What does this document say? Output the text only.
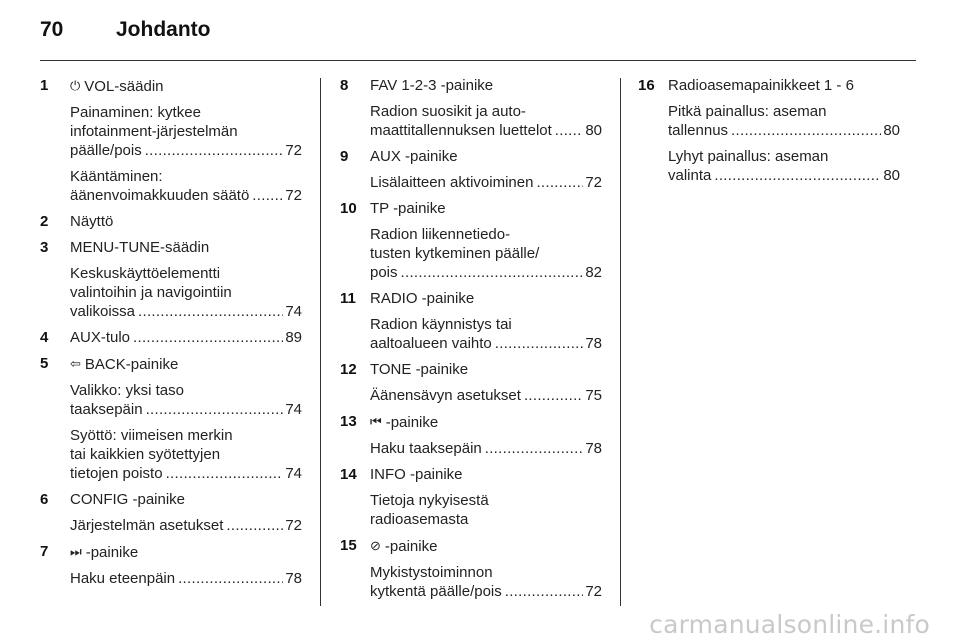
70	Johdanto
1	⏻ VOL-säädin
Painaminen: kytkee
infotainment-järjestelmän
päälle/pois .....	72
Kääntäminen:
äänenvoimakkuuden säätö ..... 72
2	Näyttö
3	MENU-TUNE-säädin
Keskuskäyttöelementti
valintoihin ja navigointiin
valikoissa .....	74
4 AUX-tulo .....	89
5	⇦ BACK-painike
Valikko: yksi taso
taaksepäin .....	74
Syöttö: viimeisen merkin
tai kaikkien syötettyjen
tietojen poisto .....	74
6	CONFIG -painike
Järjestelmän asetukset .....	72
7	⏭ -painike
Haku eteenpäin .....	78
8	FAV 1-2-3 -painike
Radion suosikit ja auto-
maattitallennuksen luettelot ..... 80
9	AUX -painike
Lisälaitteen aktivoiminen .....	72
10 TP -painike
Radion liikennetiedo-
tusten kytkeminen päälle/
pois .....	82
11 RADIO -painike
Radion käynnistys tai
aaltoalueen vaihto .....	78
12 TONE -painike
Äänensävyn asetukset .....	75
13	⏮ -painike
Haku taaksepäin .....	78
14 INFO -painike
Tietoja nykyisestä
radioasemasta
15	⊘ -painike
Mykistystoiminnon
kytkentä päälle/pois .....	72
16 Radioasemapainikkeet 1 - 6
Pitkä painallus: aseman
tallennus .....	80
Lyhyt painallus: aseman
valinta .....	80
carmanualsonline.info
